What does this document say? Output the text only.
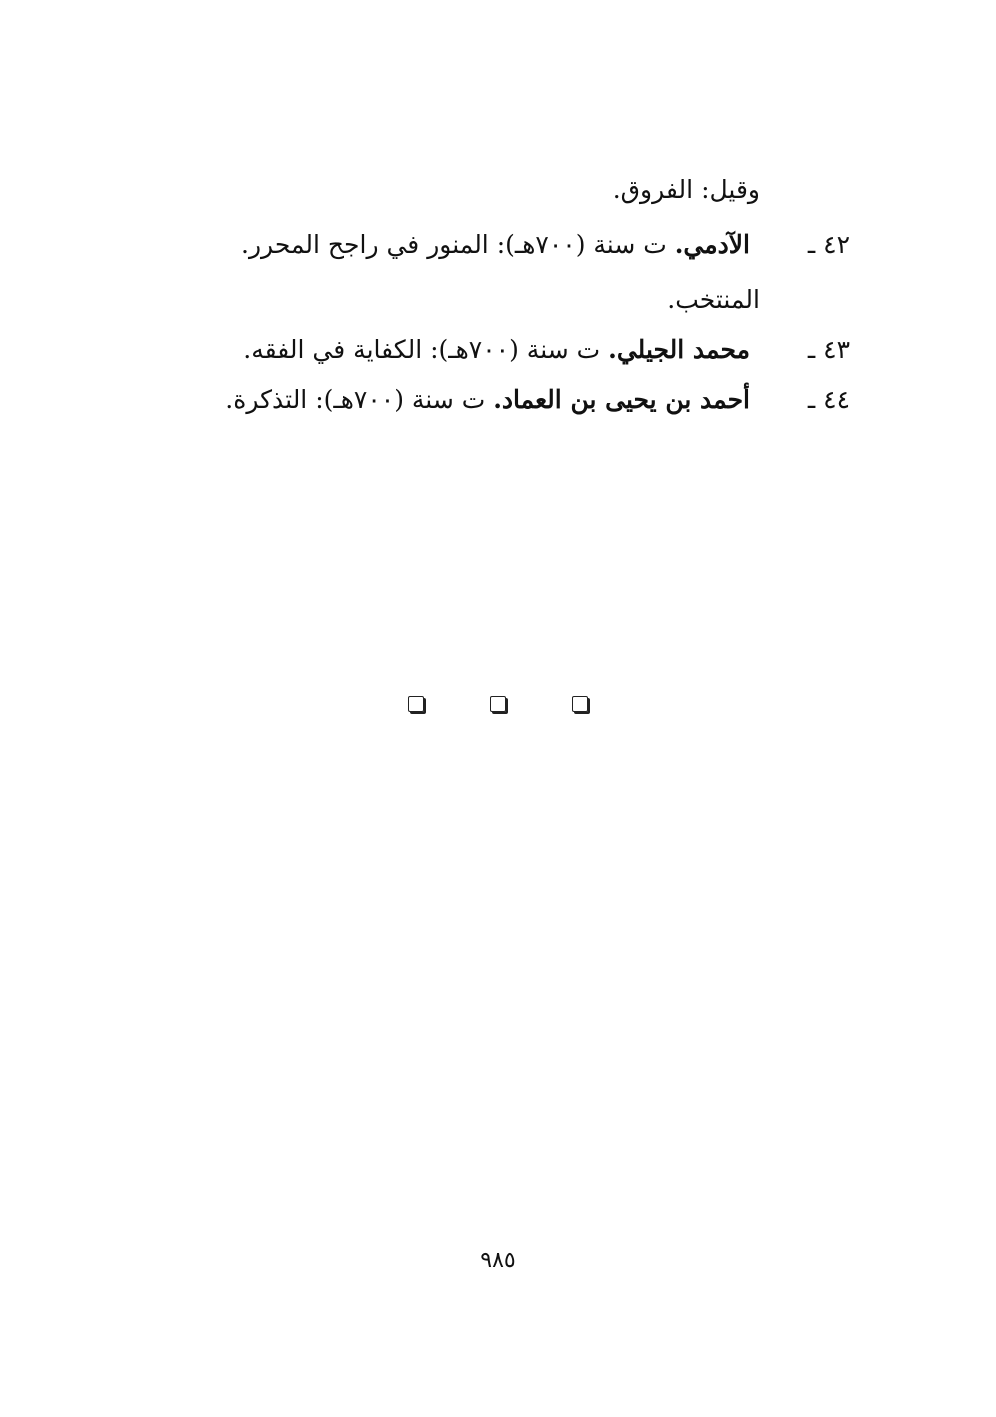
وقيل: الفروق.
٤٢ ـالآدمي. ت سنة (٧٠٠هـ): المنور في راجح المحرر.
المنتخب.
٤٣ ـمحمد الجيلي. ت سنة (٧٠٠هـ): الكفاية في الفقه.
٤٤ ـأحمد بن يحيى بن العماد. ت سنة (٧٠٠هـ): التذكرة.
٩٨٥
